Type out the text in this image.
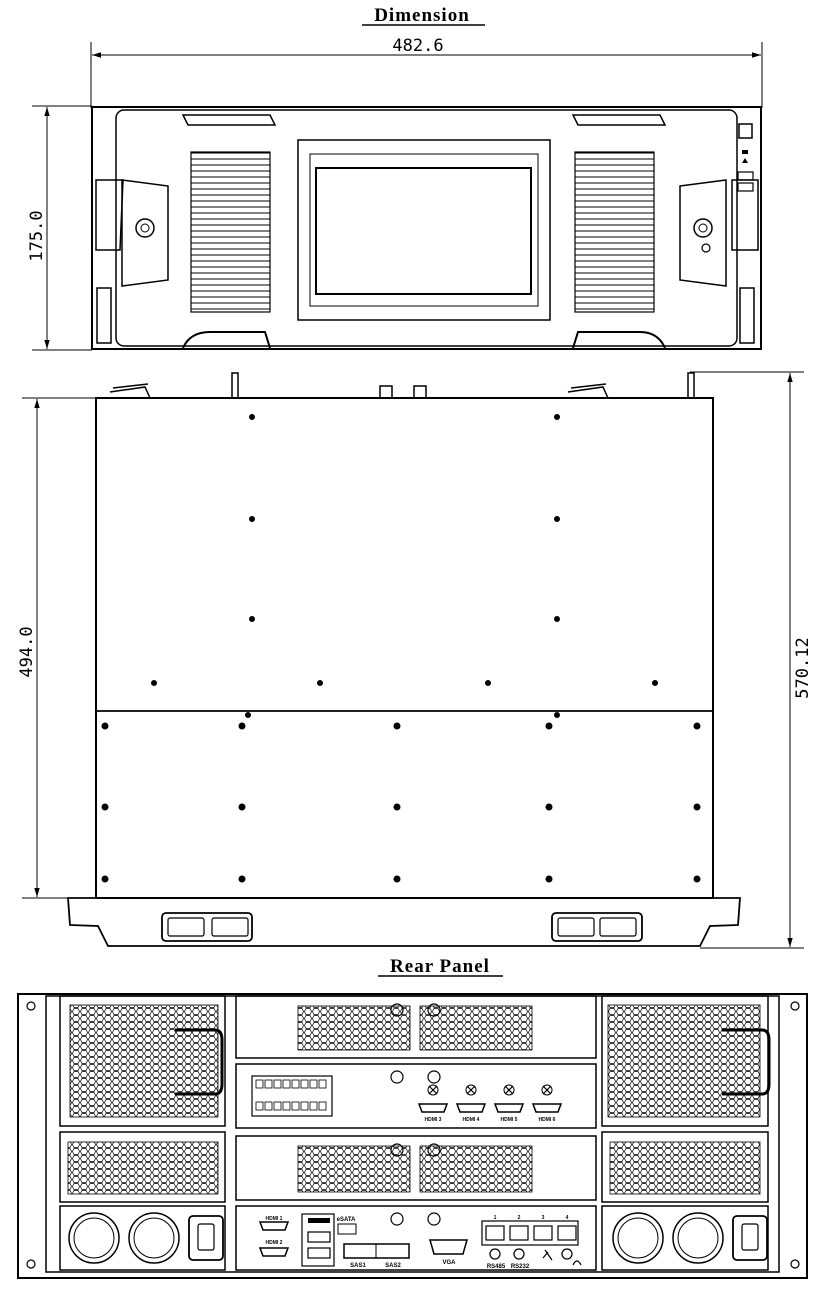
Dimension
482.6
175.0
494.0	570.12
Rear Panel
HDMI 3	HDMI 4	HDMI 5	HDMI 6
HDMI 1
HDMI 2
eSATA
SAS1	SAS2	VGA
1	2	3	4
RS485 RS232
